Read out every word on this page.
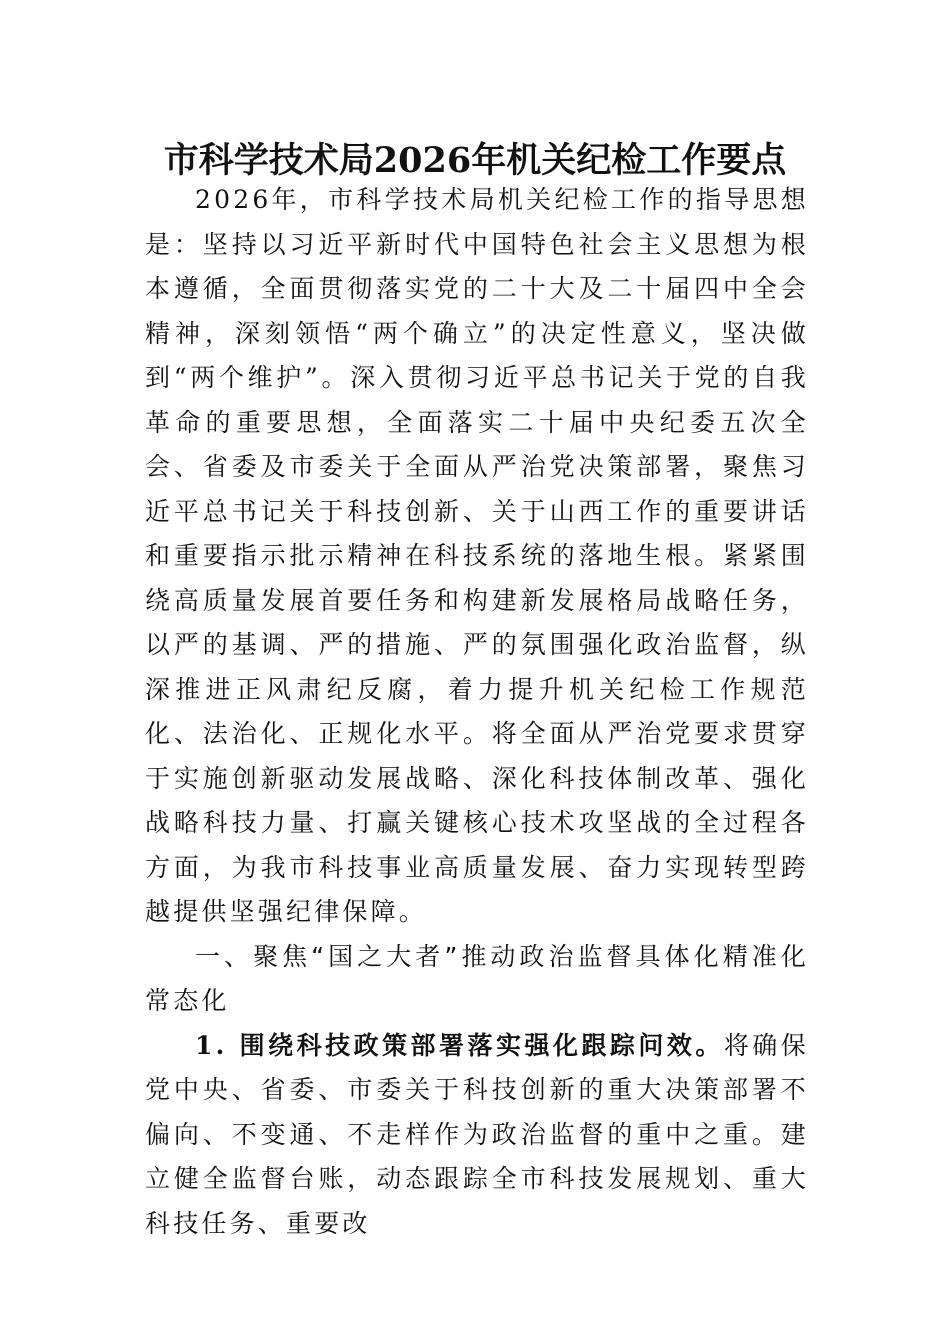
市科学技术局2026年机关纪检工作要点

2026年，市科学技术局机关纪检工作的指导思想是：坚持以习近平新时代中国特色社会主义思想为根本遵循，全面贯彻落实党的二十大及二十届四中全会精神，深刻领悟“两个确立”的决定性意义，坚决做到“两个维护”。深入贯彻习近平总书记关于党的自我革命的重要思想，全面落实二十届中央纪委五次全会、省委及市委关于全面从严治党决策部署，聚焦习近平总书记关于科技创新、关于山西工作的重要讲话和重要指示批示精神在科技系统的落地生根。紧紧围绕高质量发展首要任务和构建新发展格局战略任务，以严的基调、严的措施、严的氛围强化政治监督，纵深推进正风肃纪反腐，着力提升机关纪检工作规范化、法治化、正规化水平。将全面从严治党要求贯穿于实施创新驱动发展战略、深化科技体制改革、强化战略科技力量、打赢关键核心技术攻坚战的全过程各方面，为我市科技事业高质量发展、奋力实现转型跨越提供坚强纪律保障。

一、聚焦“国之大者”推动政治监督具体化精准化常态化

1. 围绕科技政策部署落实强化跟踪问效。将确保党中央、省委、市委关于科技创新的重大决策部署不偏向、不变通、不走样作为政治监督的重中之重。建立健全监督台账，动态跟踪全市科技发展规划、重大科技任务、重要改
